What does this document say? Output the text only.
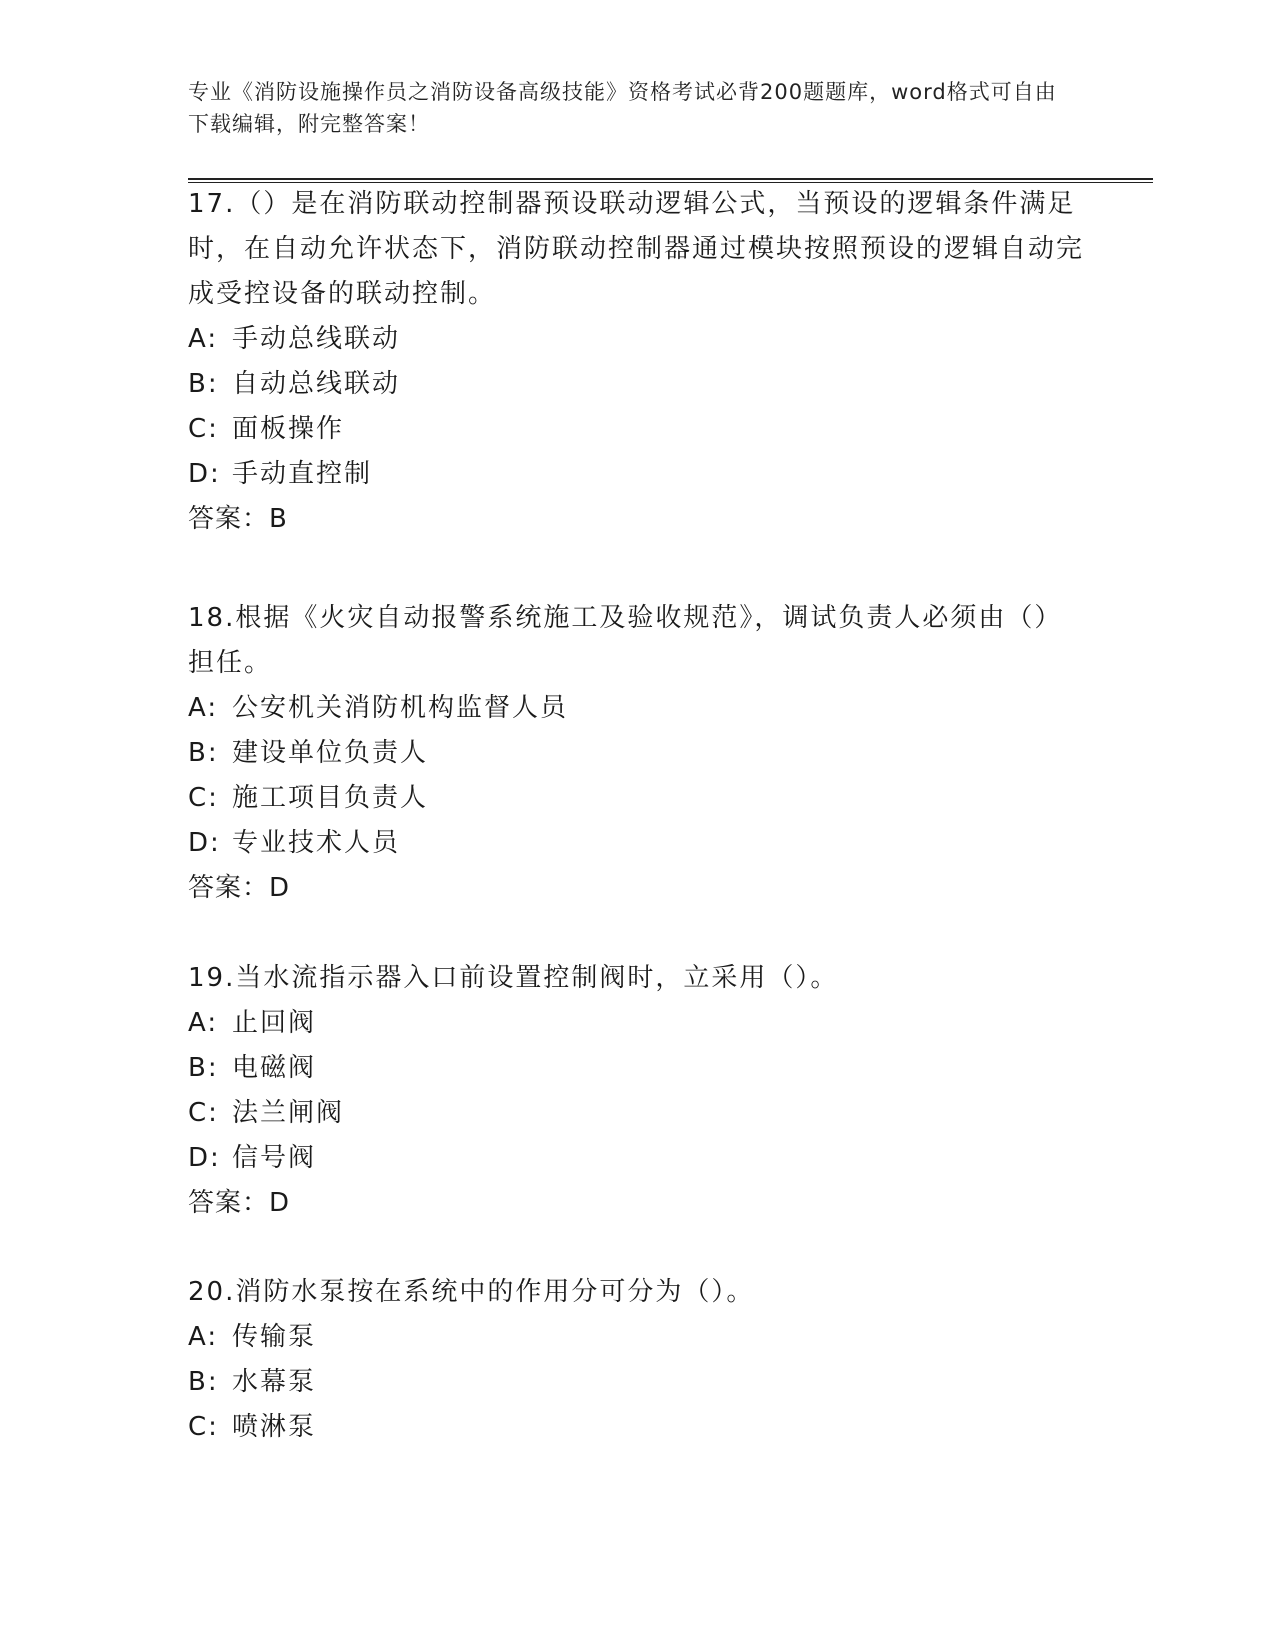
专业《消防设施操作员之消防设备高级技能》资格考试必背200题题库，word格式可自由下载编辑，附完整答案！

17.（）是在消防联动控制器预设联动逻辑公式，当预设的逻辑条件满足时，在自动允许状态下，消防联动控制器通过模块按照预设的逻辑自动完成受控设备的联动控制。

A: 手动总线联动
B: 自动总线联动
C: 面板操作
D: 手动直控制
答案：B

18.根据《火灾自动报警系统施工及验收规范》，调试负责人必须由（）担任。

A: 公安机关消防机构监督人员
B: 建设单位负责人
C: 施工项目负责人
D: 专业技术人员
答案：D

19.当水流指示器入口前设置控制阀时，立采用（）。

A: 止回阀
B: 电磁阀
C: 法兰闸阀
D: 信号阀
答案：D

20.消防水泵按在系统中的作用分可分为（）。

A: 传输泵
B: 水幕泵
C: 喷淋泵
